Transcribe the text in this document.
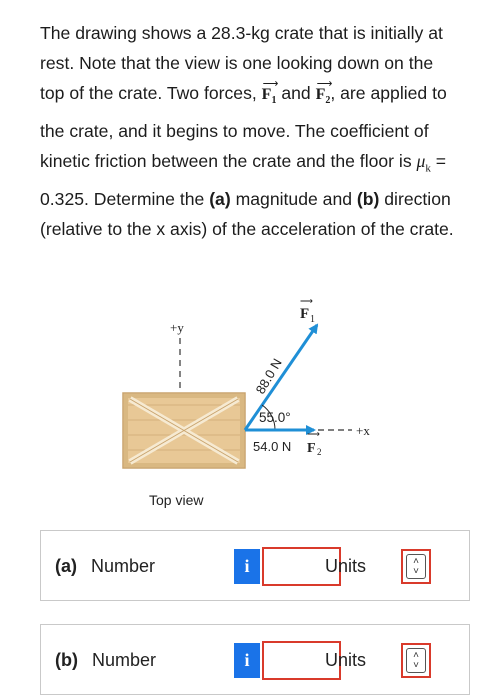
The drawing shows a 28.3-kg crate that is initially at rest. Note that the view is one looking down on the top of the crate. Two forces, ⟶
$F_1$ and ⟶
$F_2$, are applied to the crate, and it begins to move. The coefficient of kinetic friction between the crate and the floor is $\mu_k = 0.325$. Determine the (a) magnitude and (b) direction (relative to the x axis) of the acceleration of the crate.
+y
+x
88.0 N
⟶
F 1
55.0°
54.0 N
⟶
F 2
Top view
(a) Number	i	Units	˄
˅
(b) Number	i	Units	˄
˅
